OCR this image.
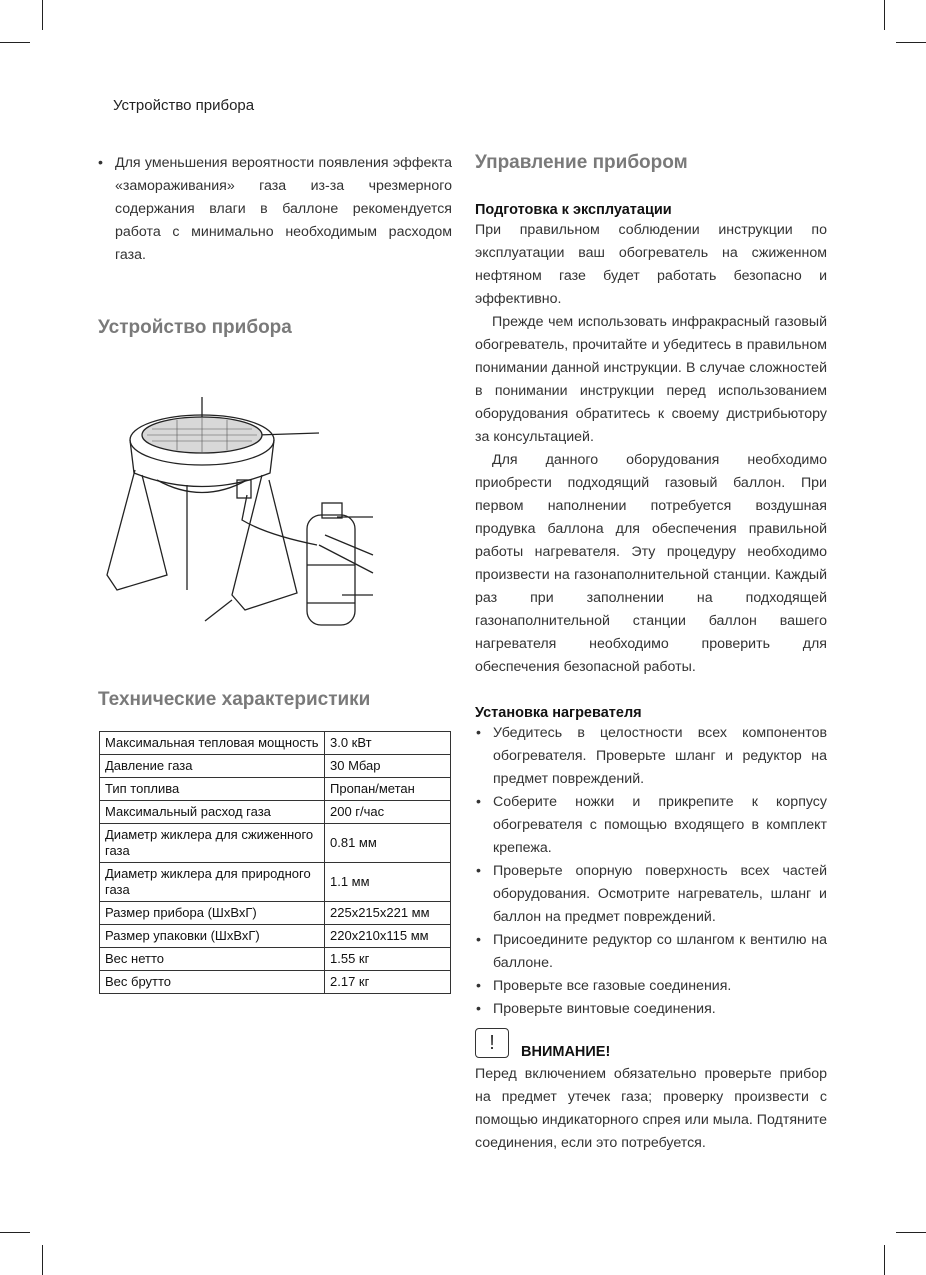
Устройство прибора
• Для уменьшения вероятности появления эффекта «замораживания» газа из-за чрезмерного содержания влаги в баллоне рекомендуется работа с минимально необходимым расходом газа.
Устройство прибора
Технические характеристики
Максимальная тепловая мощность	3.0 кВт
Давление газа	30 Мбар
Тип топлива	Пропан/метан
Максимальный расход газа	200 г/час
Диаметр жиклера для сжиженного газа	0.81 мм
Диаметр жиклера для природного газа	1.1 мм
Размер прибора (ШхВхГ)	225x215x221 мм
Размер упаковки (ШхВхГ)	220x210x115 мм
Вес нетто	1.55 кг
Вес брутто	2.17 кг
Управление прибором
Подготовка к эксплуатации

При правильном соблюдении инструкции по эксплуатации ваш обогреватель на сжиженном нефтяном газе будет работать безопасно и эффективно.

Прежде чем использовать инфракрасный газовый обогреватель, прочитайте и убедитесь в правильном понимании данной инструкции. В случае сложностей в понимании инструкции перед использованием оборудования обратитесь к своему дистрибьютору за консультацией.

Для данного оборудования необходимо приобрести подходящий газовый баллон. При первом наполнении потребуется воздушная продувка баллона для обеспечения правильной работы нагревателя. Эту процедуру необходимо произвести на газонаполнительной станции. Каждый раз при заполнении на подходящей газонаполнительной станции баллон вашего нагревателя необходимо проверить для обеспечения безопасной работы.

Установка нагревателя
• Убедитесь в целостности всех компонентов обогревателя. Проверьте шланг и редуктор на предмет повреждений.
• Соберите ножки и прикрепите к корпусу обогревателя с помощью входящего в комплект крепежа.
• Проверьте опорную поверхность всех частей оборудования. Осмотрите нагреватель, шланг и баллон на предмет повреждений.
• Присоедините редуктор со шлангом к вентилю на баллоне.
• Проверьте все газовые соединения.
• Проверьте винтовые соединения.
!	ВНИМАНИЕ!

Перед включением обязательно проверьте прибор на предмет утечек газа; проверку произвести с помощью индикаторного спрея или мыла. Подтяните соединения, если это потребуется.
